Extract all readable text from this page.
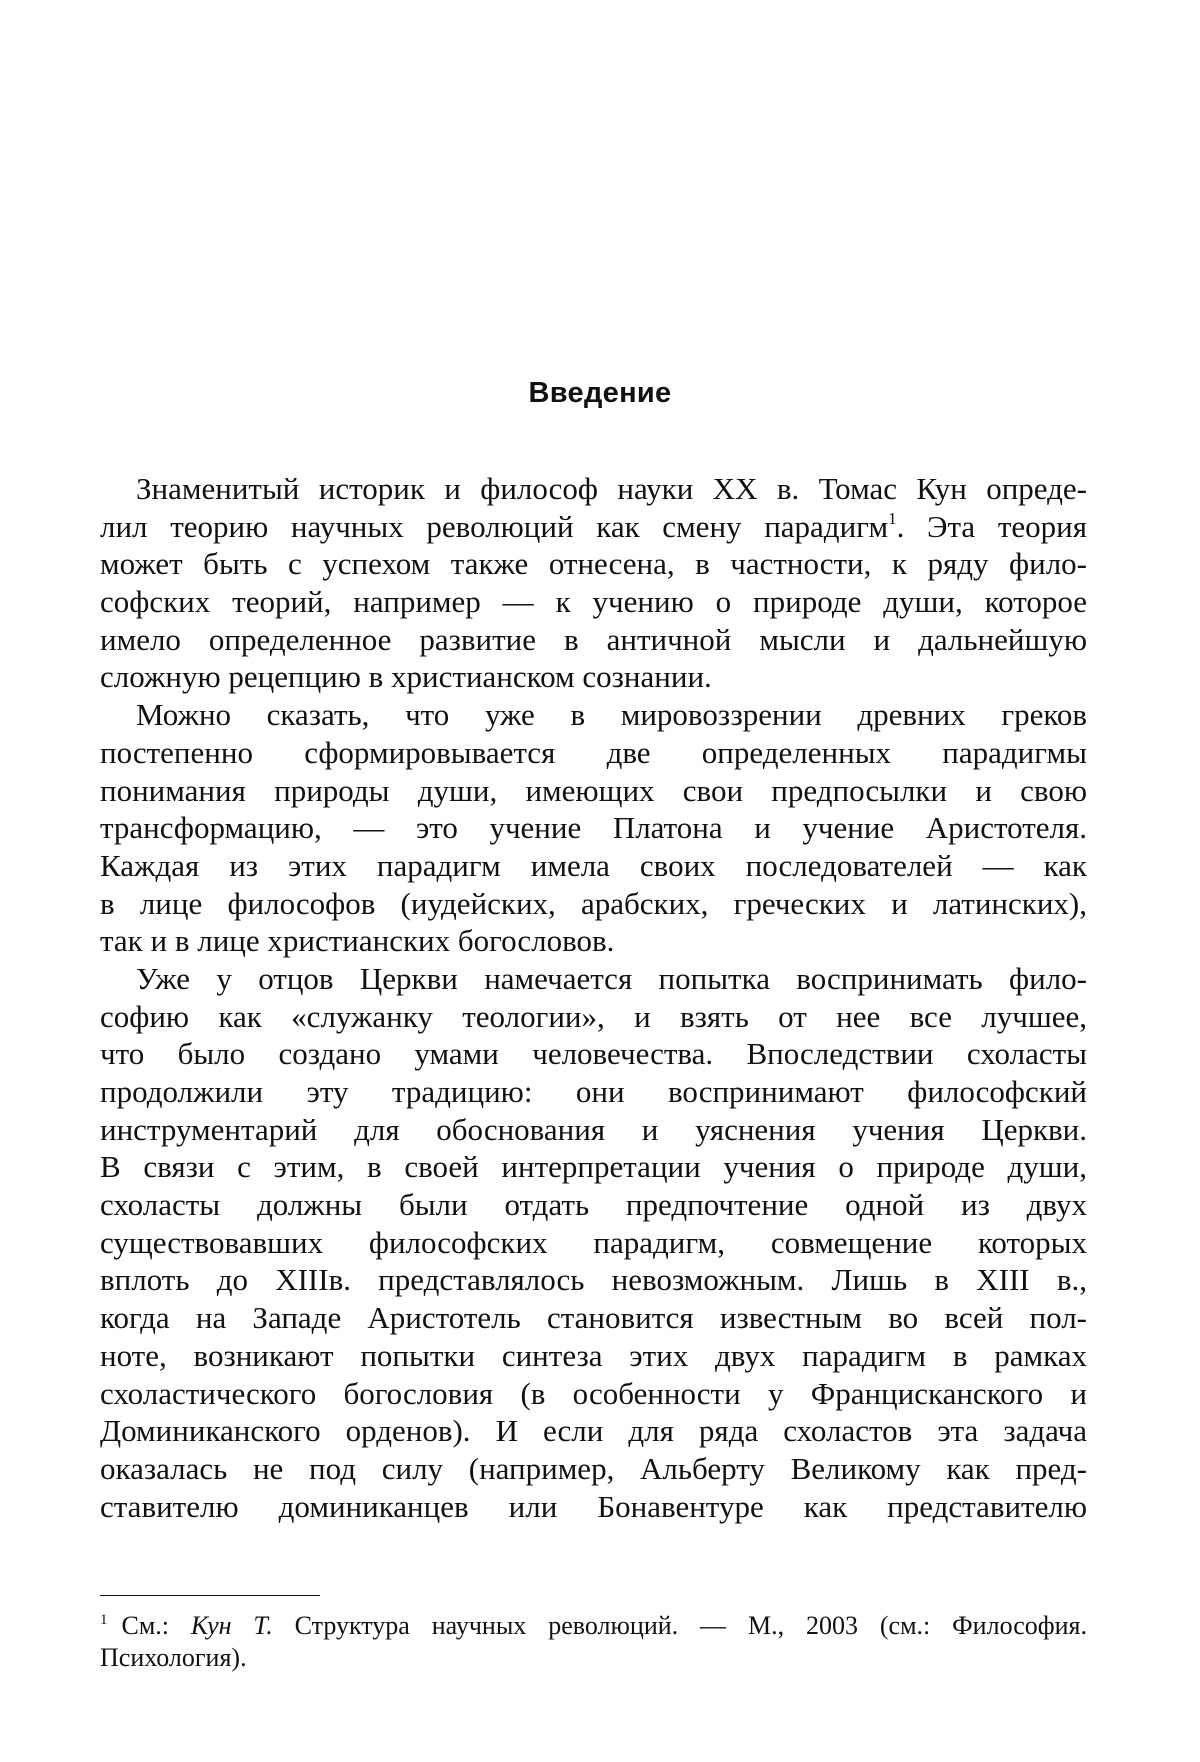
Введение
Знаменитый историк и философ науки XX в. Томас Кун опреде-
лил теорию научных революций как смену парадигм1. Эта теория
может быть с успехом также отнесена, в частности, к ряду фило-
софских теорий, например — к учению о природе души, которое
имело определенное развитие в античной мысли и дальнейшую
сложную рецепцию в христианском сознании.
Можно сказать, что уже в мировоззрении древних греков
постепенно сформировывается две определенных парадигмы
понимания природы души, имеющих свои предпосылки и свою
трансформацию, — это учение Платона и учение Аристотеля.
Каждая из этих парадигм имела своих последователей — как
в лице философов (иудейских, арабских, греческих и латинских),
так и в лице христианских богословов.
Уже у отцов Церкви намечается попытка воспринимать фило-
софию как «служанку теологии», и взять от нее все лучшее,
что было создано умами человечества. Впоследствии схоласты
продолжили эту традицию: они воспринимают философский
инструментарий для обоснования и уяснения учения Церкви.
В связи с этим, в своей интерпретации учения о природе души,
схоласты должны были отдать предпочтение одной из двух
существовавших философских парадигм, совмещение которых
вплоть до XIIIв. представлялось невозможным. Лишь в XIII в.,
когда на Западе Аристотель становится известным во всей пол-
ноте, возникают попытки синтеза этих двух парадигм в рамках
схоластического богословия (в особенности у Францисканского и
Доминиканского орденов). И если для ряда схоластов эта задача
оказалась не под силу (например, Альберту Великому как пред-
ставителю доминиканцев или Бонавентуре как представителю
1 См.: Кун Т. Структура научных революций. — М., 2003 (см.: Философия.
Психология).
